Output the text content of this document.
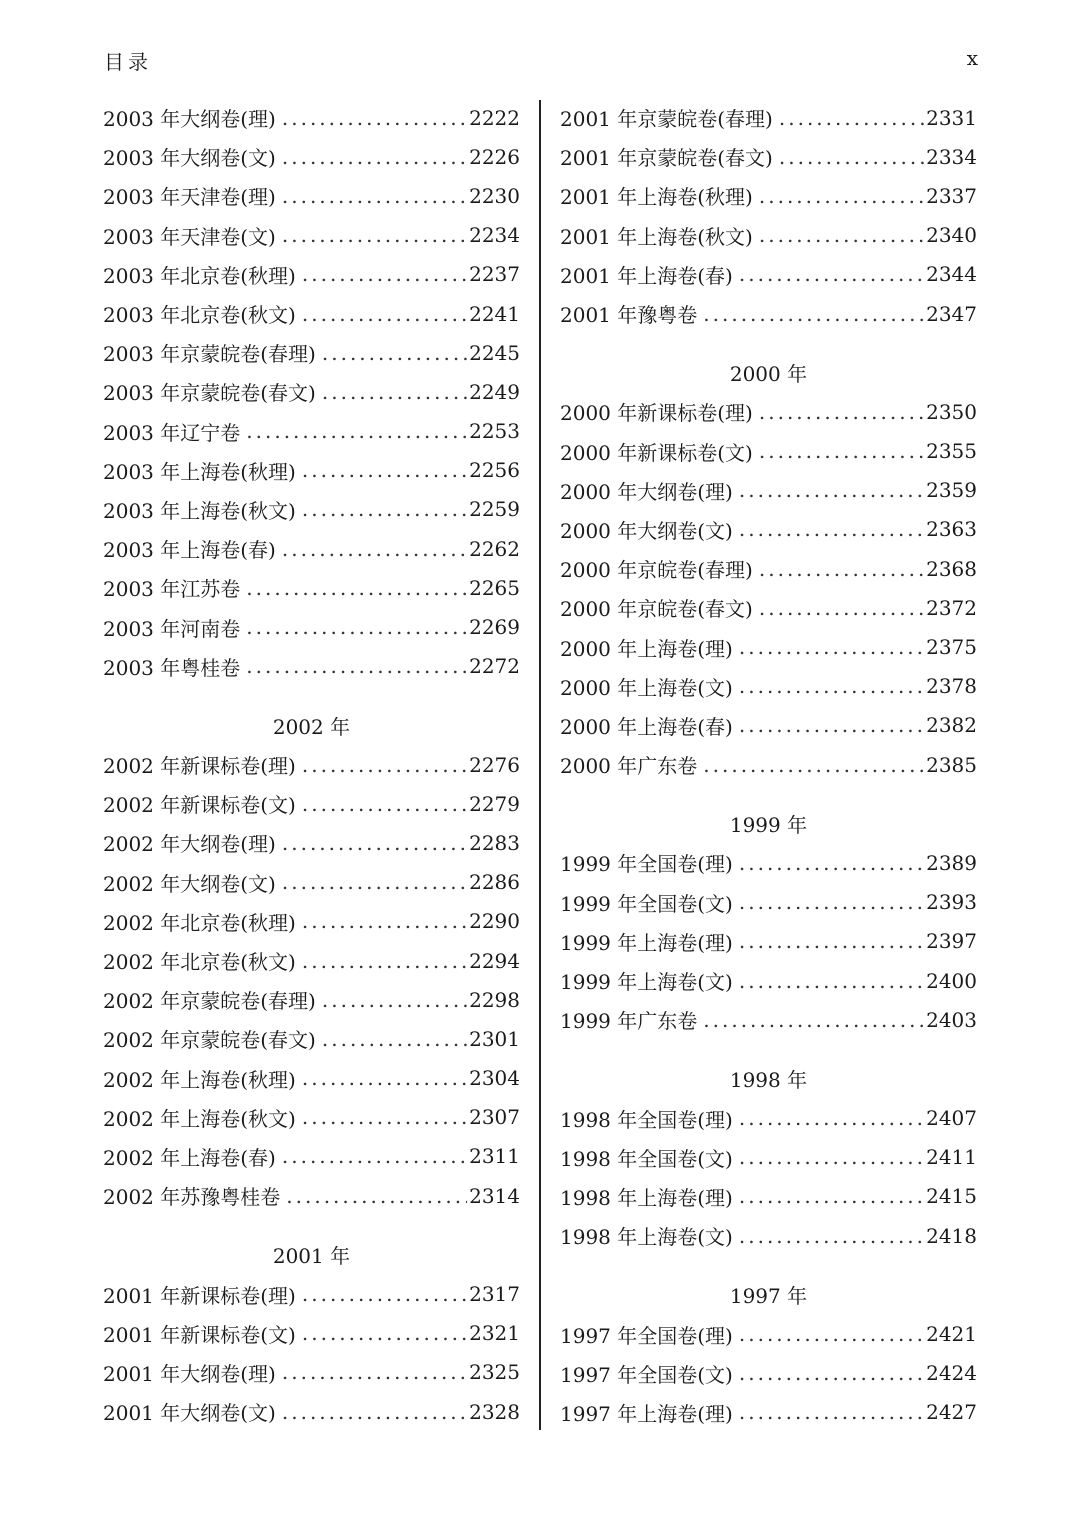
目录	x
2003 年大纲卷(理) .....	2222
2003 年大纲卷(文) .....	2226
2003 年天津卷(理) .....	2230
2003 年天津卷(文) .....	2234
2003 年北京卷(秋理) .....	2237
2003 年北京卷(秋文) .....	2241
2003 年京蒙皖卷(春理) .....	2245
2003 年京蒙皖卷(春文) .....	2249
2003 年辽宁卷 .....	2253
2003 年上海卷(秋理) .....	2256
2003 年上海卷(秋文) .....	2259
2003 年上海卷(春) .....	2262
2003 年江苏卷 .....	2265
2003 年河南卷 .....	2269
2003 年粤桂卷 .....	2272
2002 年
2002 年新课标卷(理) .....	2276
2002 年新课标卷(文) .....	2279
2002 年大纲卷(理) .....	2283
2002 年大纲卷(文) .....	2286
2002 年北京卷(秋理) .....	2290
2002 年北京卷(秋文) .....	2294
2002 年京蒙皖卷(春理) .....	2298
2002 年京蒙皖卷(春文) .....	2301
2002 年上海卷(秋理) .....	2304
2002 年上海卷(秋文) .....	2307
2002 年上海卷(春) .....	2311
2002 年苏豫粤桂卷 .....	2314
2001 年
2001 年新课标卷(理) .....	2317
2001 年新课标卷(文) .....	2321
2001 年大纲卷(理) .....	2325
2001 年大纲卷(文) .....	2328
2001 年京蒙皖卷(春理) .....	2331
2001 年京蒙皖卷(春文) .....	2334
2001 年上海卷(秋理) .....	2337
2001 年上海卷(秋文) .....	2340
2001 年上海卷(春) .....	2344
2001 年豫粤卷 .....	2347
2000 年
2000 年新课标卷(理) .....	2350
2000 年新课标卷(文) .....	2355
2000 年大纲卷(理) .....	2359
2000 年大纲卷(文) .....	2363
2000 年京皖卷(春理) .....	2368
2000 年京皖卷(春文) .....	2372
2000 年上海卷(理) .....	2375
2000 年上海卷(文) .....	2378
2000 年上海卷(春) .....	2382
2000 年广东卷 .....	2385
1999 年
1999 年全国卷(理) .....	2389
1999 年全国卷(文) .....	2393
1999 年上海卷(理) .....	2397
1999 年上海卷(文) .....	2400
1999 年广东卷 .....	2403
1998 年
1998 年全国卷(理) .....	2407
1998 年全国卷(文) .....	2411
1998 年上海卷(理) .....	2415
1998 年上海卷(文) .....	2418
1997 年
1997 年全国卷(理) .....	2421
1997 年全国卷(文) .....	2424
1997 年上海卷(理) .....	2427
